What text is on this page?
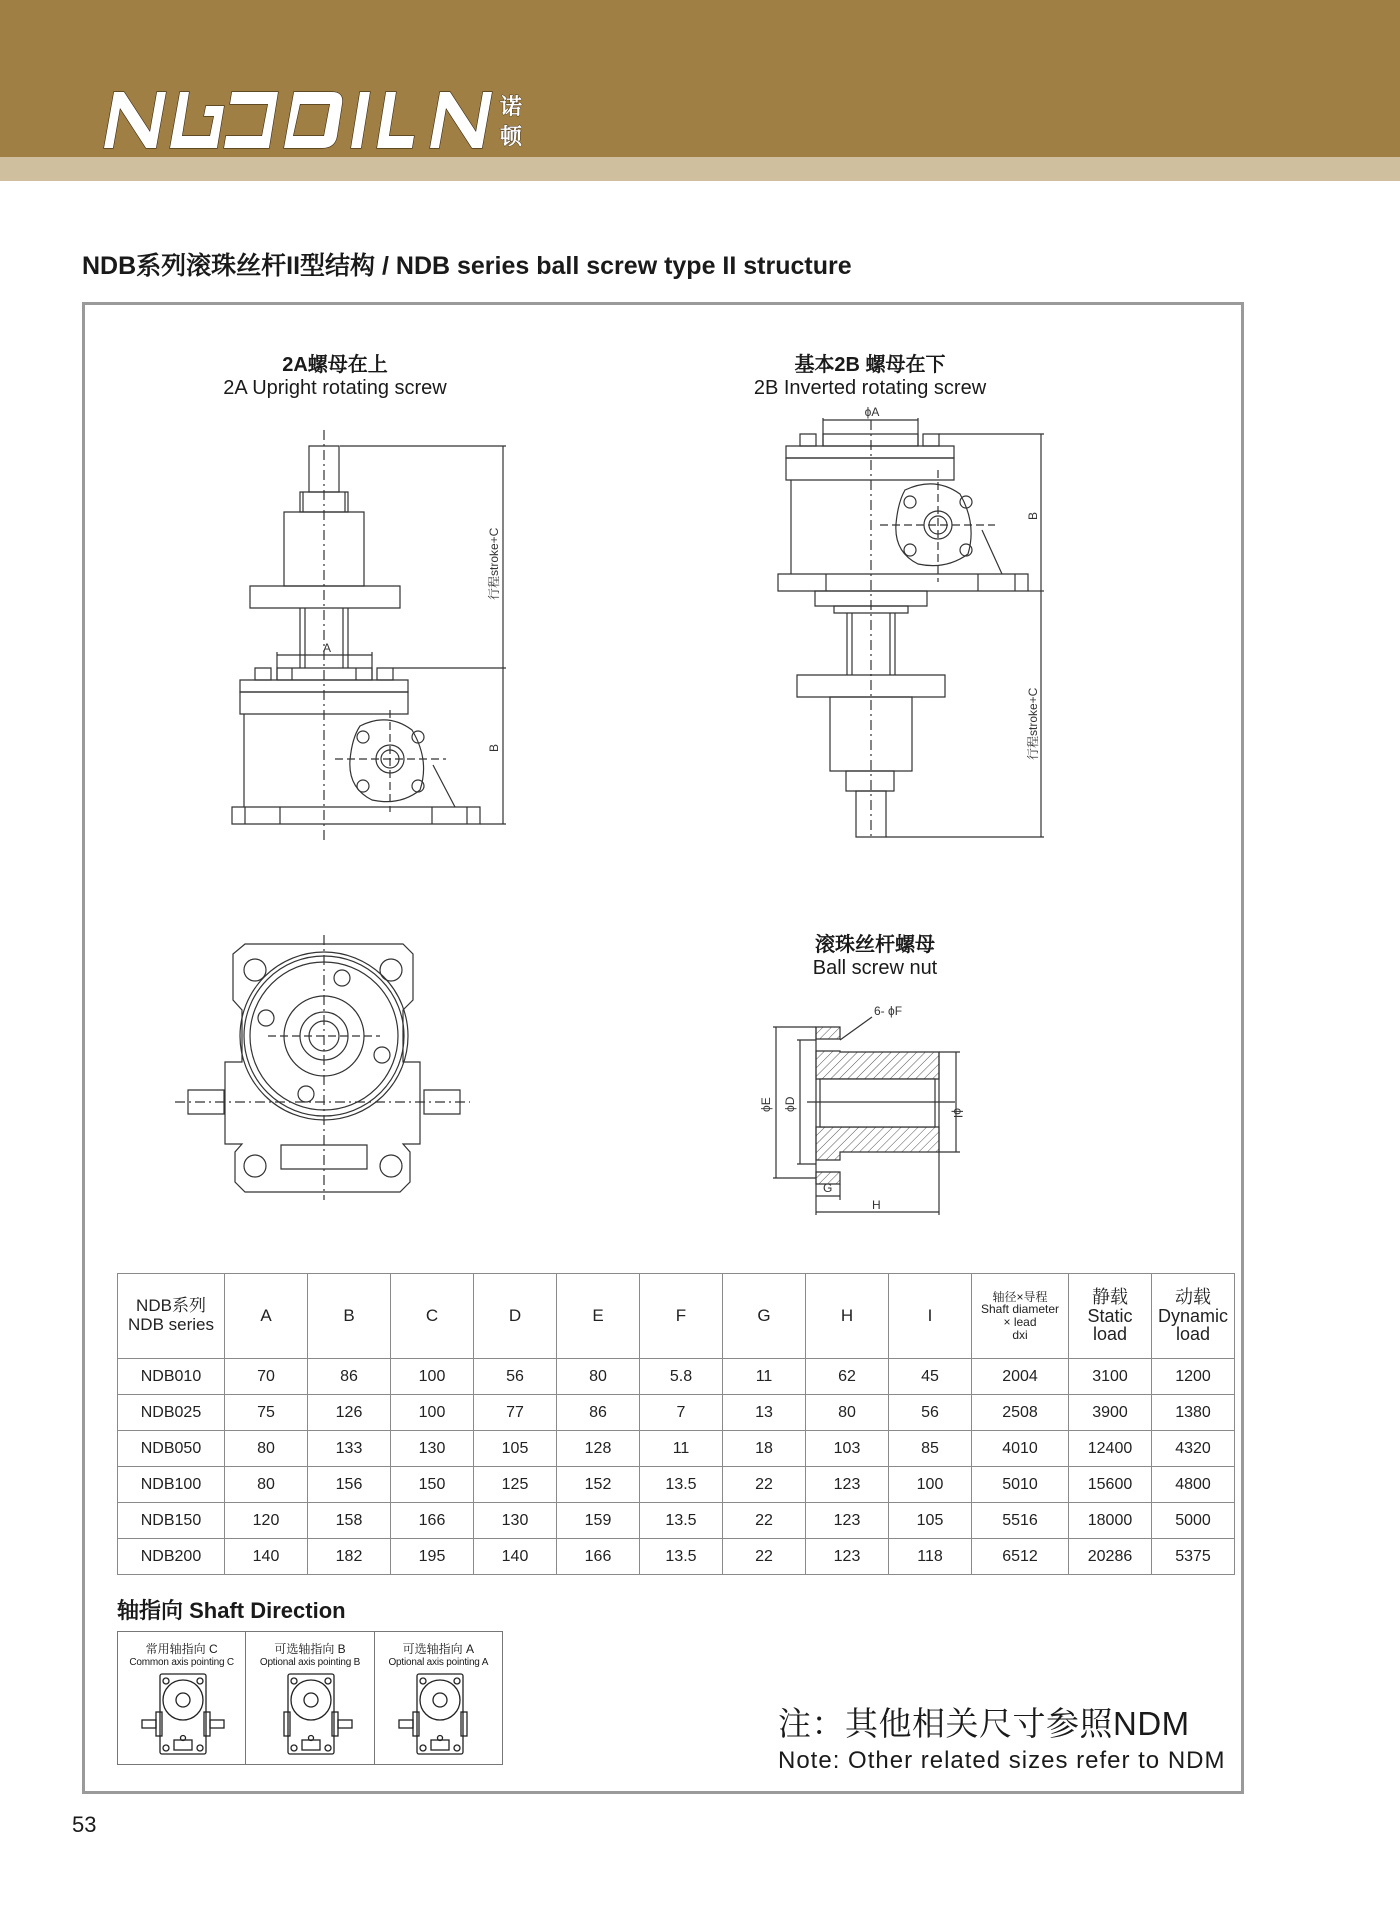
诺
顿
NDB系列滚珠丝杆II型结构 / NDB series ball screw type II structure
2A螺母在上
2A Upright rotating screw
A
行程stroke+C
B
基本2B 螺母在下
2B Inverted rotating screw
ϕA
B
行程stroke+C
滚珠丝杆螺母
Ball screw nut
6- ϕF
ϕE ϕD
ϕI
G
H
NDB系列
NDB series	A	B	C	D	E	F	G	H	I	
轴径×导程
Shaft diameter
× lead
dxi

静载
Static
load

动载
Dynamic
load

NDB010	70	86	100	56	80	5.8	11	62	45	2004	3100	1200
NDB025	75	126	100	77	86	7	13	80	56	2508	3900	1380
NDB050	80	133	130	105	128	11	18	103	85	4010	12400	4320
NDB100	80	156	150	125	152	13.5	22	123	100	5010	15600	4800
NDB150	120	158	166	130	159	13.5	22	123	105	5516	18000	5000
NDB200	140	182	195	140	166	13.5	22	123	118	6512	20286	5375
轴指向 Shaft Direction
常用轴指向 C
Common axis pointing C
可选轴指向 B
Optional axis pointing B
可选轴指向 A
Optional axis pointing A
注：其他相关尺寸参照NDM
Note: Other related sizes refer to NDM
53
